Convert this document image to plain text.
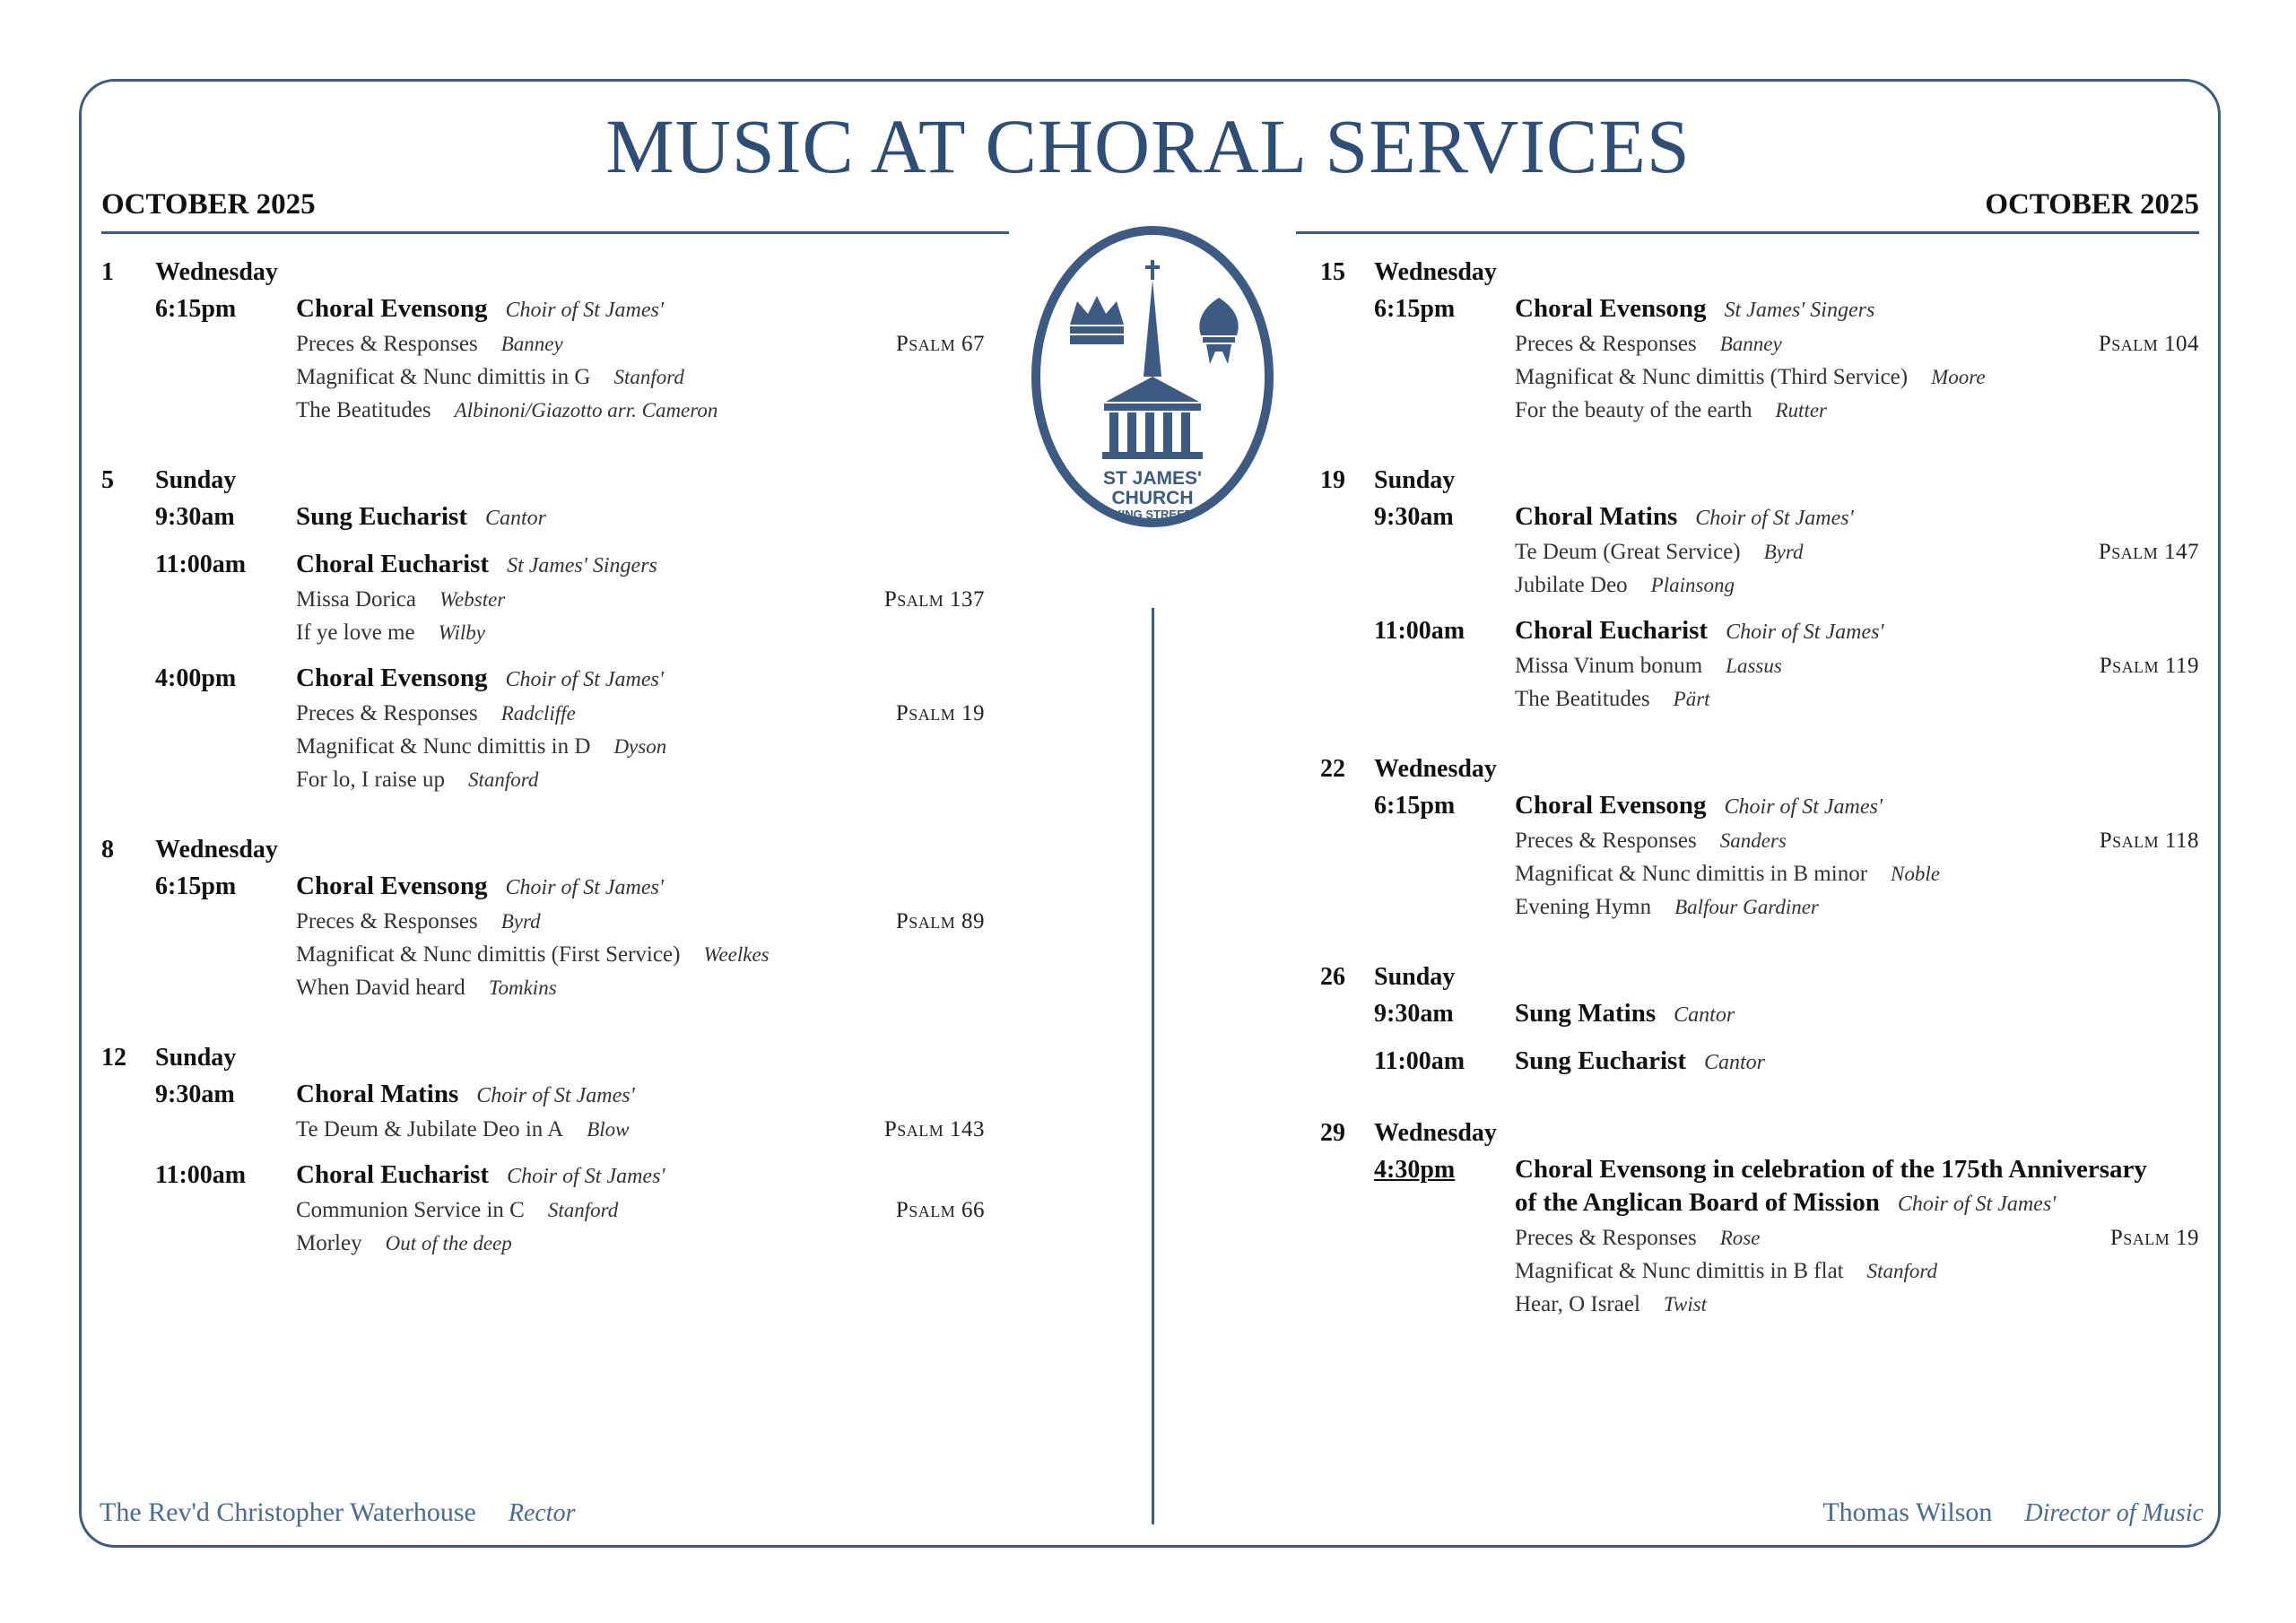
MUSIC AT CHORAL SERVICES
OCTOBER 2025	OCTOBER 2025
ST JAMES'
CHURCH
KING STREET
1	Wednesday
6:15pm	Choral Evensong Choir of St James'
Preces & Responses Banney	Psalm 67
Magnificat & Nunc dimittis in G Stanford
The Beatitudes Albinoni/Giazotto arr. Cameron
5	Sunday
9:30am	Sung Eucharist Cantor
11:00am	Choral Eucharist St James' Singers
Missa Dorica Webster	Psalm 137
If ye love me Wilby
4:00pm	Choral Evensong Choir of St James'
Preces & Responses Radcliffe	Psalm 19
Magnificat & Nunc dimittis in D Dyson
For lo, I raise up Stanford
8	Wednesday
6:15pm	Choral Evensong Choir of St James'
Preces & Responses Byrd	Psalm 89
Magnificat & Nunc dimittis (First Service) Weelkes
When David heard Tomkins
12	Sunday
9:30am	Choral Matins Choir of St James'
Te Deum & Jubilate Deo in A Blow	Psalm 143
11:00am	Choral Eucharist Choir of St James'
Communion Service in C Stanford	Psalm 66
Morley Out of the deep
15	Wednesday
6:15pm	Choral Evensong St James' Singers
Preces & Responses Banney	Psalm 104
Magnificat & Nunc dimittis (Third Service) Moore
For the beauty of the earth Rutter
19	Sunday
9:30am	Choral Matins Choir of St James'
Te Deum (Great Service) Byrd	Psalm 147
Jubilate Deo Plainsong
11:00am	Choral Eucharist Choir of St James'
Missa Vinum bonum Lassus	Psalm 119
The Beatitudes Pärt
22	Wednesday
6:15pm	Choral Evensong Choir of St James'
Preces & Responses Sanders	Psalm 118
Magnificat & Nunc dimittis in B minor Noble
Evening Hymn Balfour Gardiner
26	Sunday
9:30am	Sung Matins Cantor
11:00am	Sung Eucharist Cantor
29	Wednesday
4:30pm	Choral Evensong in celebration of the 175th Anniversary
of the Anglican Board of Mission Choir of St James'
Preces & Responses Rose	Psalm 19
Magnificat & Nunc dimittis in B flat Stanford
Hear, O Israel Twist
The Rev'd Christopher Waterhouse Rector	Thomas Wilson Director of Music
